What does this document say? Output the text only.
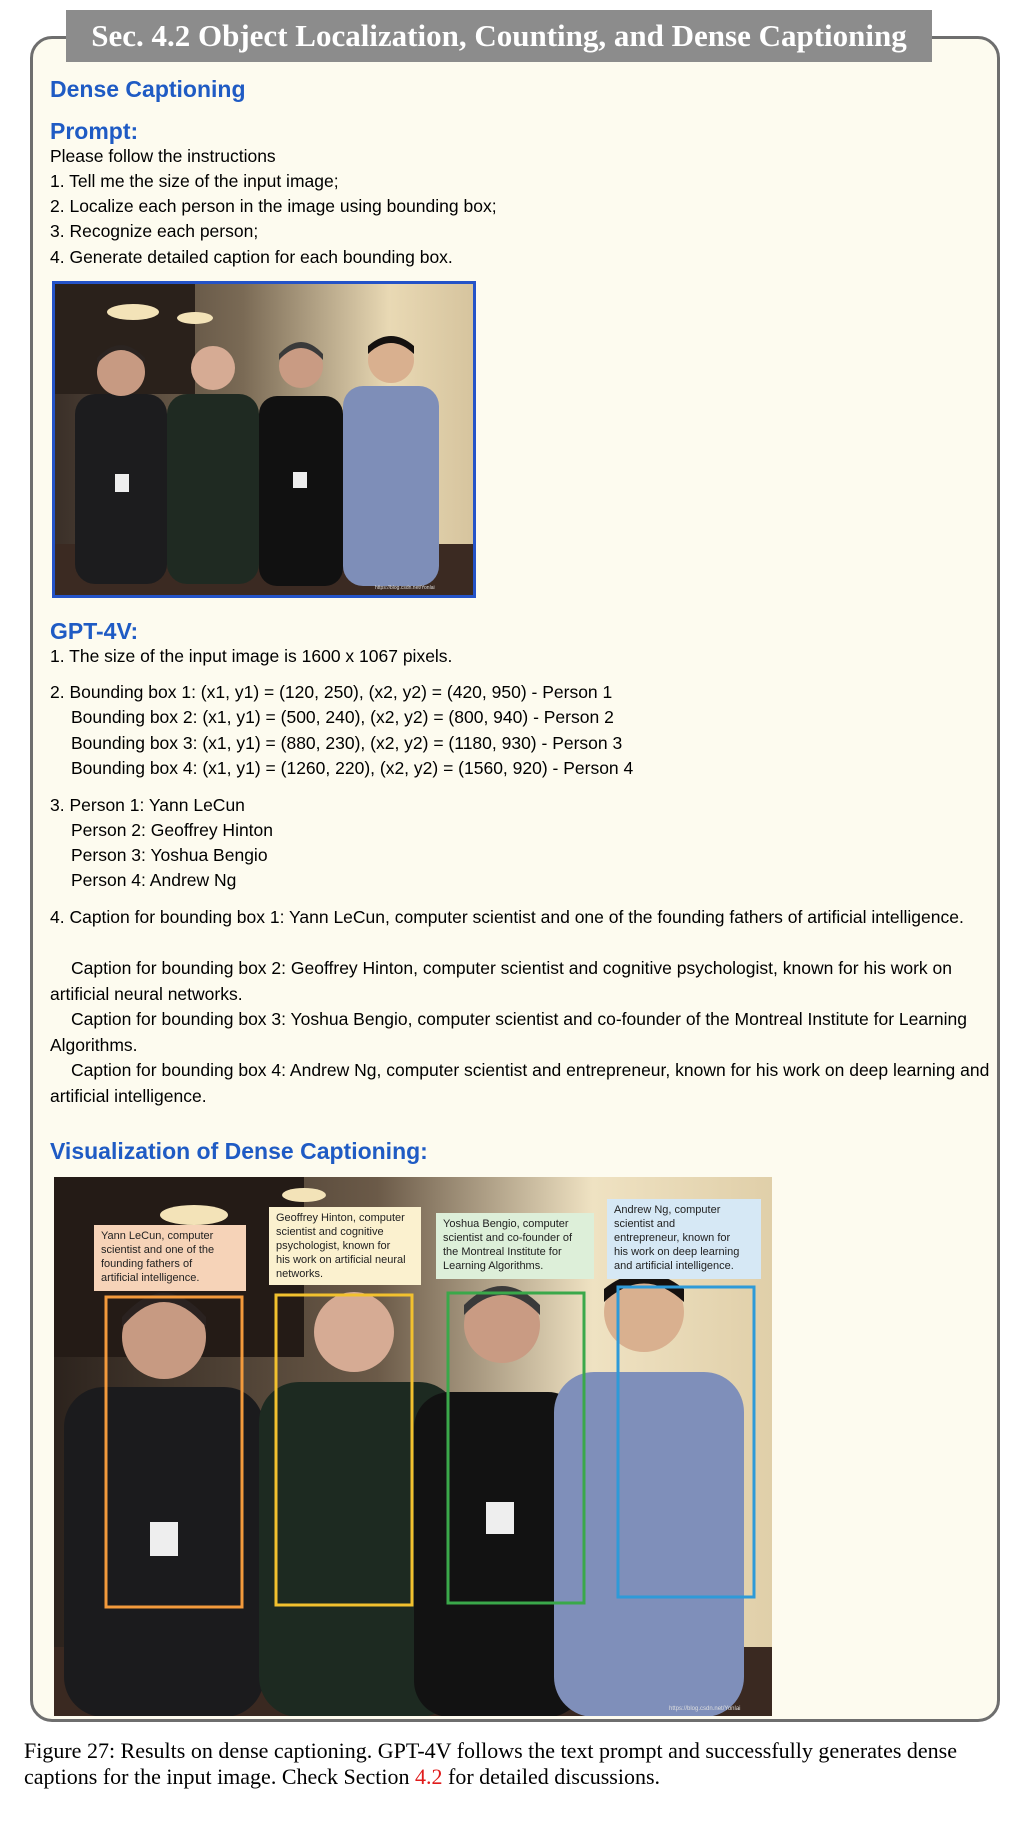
Sec. 4.2 Object Localization, Counting, and Dense Captioning
Dense Captioning
Prompt:
Please follow the instructions
1. Tell me the size of the input image;
2. Localize each person in the image using bounding box;
3. Recognize each person;
4. Generate detailed caption for each bounding box.
https://blog.csdn.net/Yonlai
GPT-4V:
1. The size of the input image is 1600 x 1067 pixels.
2. Bounding box 1: (x1, y1) = (120, 250), (x2, y2) = (420, 950) - Person 1
Bounding box 2: (x1, y1) = (500, 240), (x2, y2) = (800, 940) - Person 2
Bounding box 3: (x1, y1) = (880, 230), (x2, y2) = (1180, 930) - Person 3
Bounding box 4: (x1, y1) = (1260, 220), (x2, y2) = (1560, 920) - Person 4
3. Person 1: Yann LeCun
Person 2: Geoffrey Hinton
Person 3: Yoshua Bengio
Person 4: Andrew Ng
4. Caption for bounding box 1: Yann LeCun, computer scientist and one of the founding fathers of artificial intelligence.
Caption for bounding box 2: Geoffrey Hinton, computer scientist and cognitive psychologist, known for his work on artificial neural networks.
Caption for bounding box 3: Yoshua Bengio, computer scientist and co-founder of the Montreal Institute for Learning Algorithms.
Caption for bounding box 4: Andrew Ng, computer scientist and entrepreneur, known for his work on deep learning and artificial intelligence.
Visualization of Dense Captioning:
Yann LeCun, computer
scientist and one of the
founding fathers of
artificial intelligence.
Geoffrey Hinton, computer
scientist and cognitive
psychologist, known for
his work on artificial neural
networks.
Yoshua Bengio, computer
scientist and co-founder of
the Montreal Institute for
Learning Algorithms.
Andrew Ng, computer
scientist and
entrepreneur, known for
his work on deep learning
and artificial intelligence.
https://blog.csdn.net/Yonlai
Figure 27: Results on dense captioning. GPT-4V follows the text prompt and successfully generates dense captions for the input image. Check Section 4.2 for detailed discussions.
